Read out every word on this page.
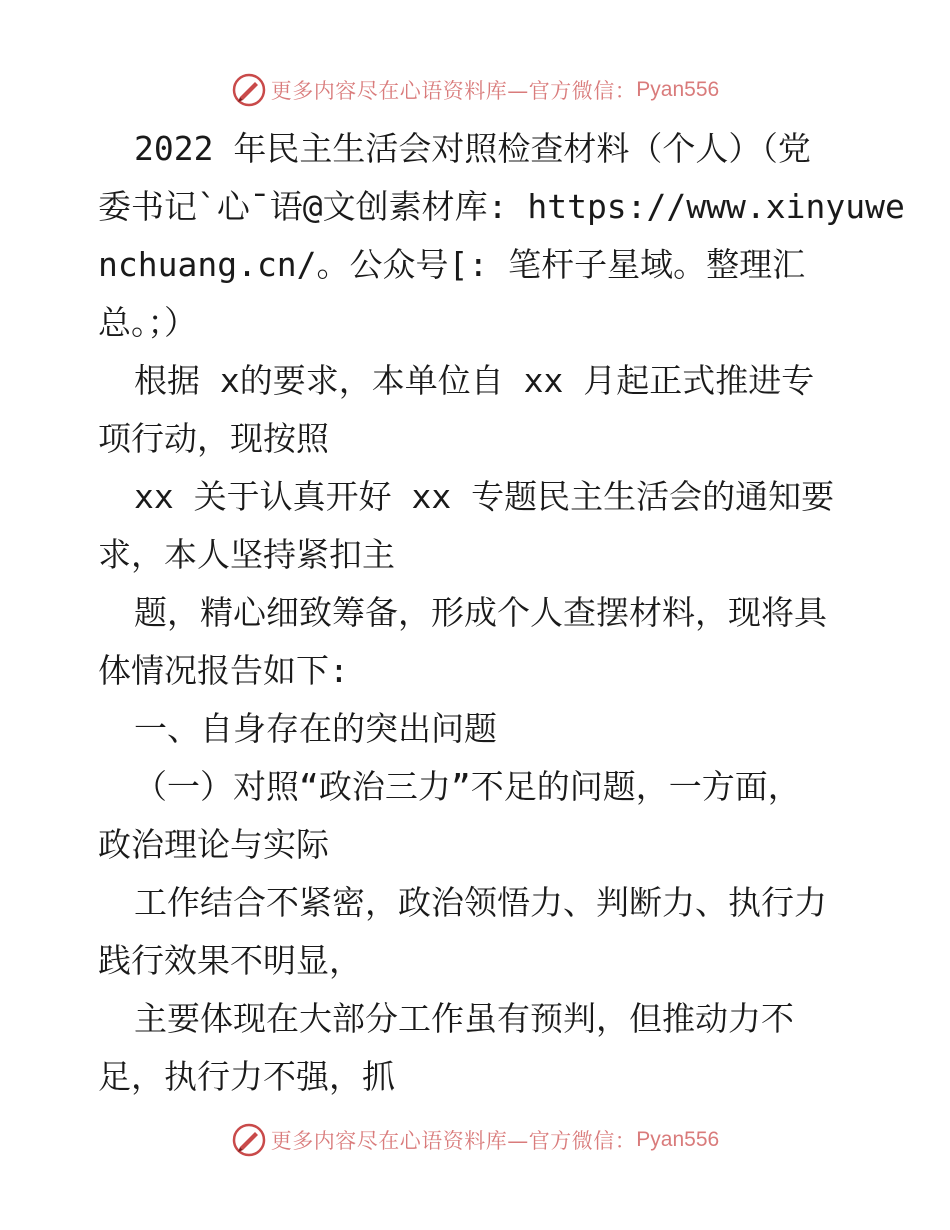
更多内容尽在心语资料库—官方微信： Pyan556

2022 年民主生活会对照检查材料（个人）（党

委书记`心¯语@文创素材库: https://www.xinyuwe

nchuang.cn/。公众号[: 笔杆子星域。整理汇

总。；）

根据 x的要求，本单位自 xx 月起正式推进专

项行动，现按照

xx 关于认真开好 xx 专题民主生活会的通知要

求，本人坚持紧扣主

题，精心细致筹备，形成个人查摆材料，现将具

体情况报告如下:

一、自身存在的突出问题

（一）对照“政治三力”不足的问题，一方面，

政治理论与实际

工作结合不紧密，政治领悟力、判断力、执行力

践行效果不明显，

主要体现在大部分工作虽有预判，但推动力不

足，执行力不强，抓

更多内容尽在心语资料库—官方微信： Pyan556
